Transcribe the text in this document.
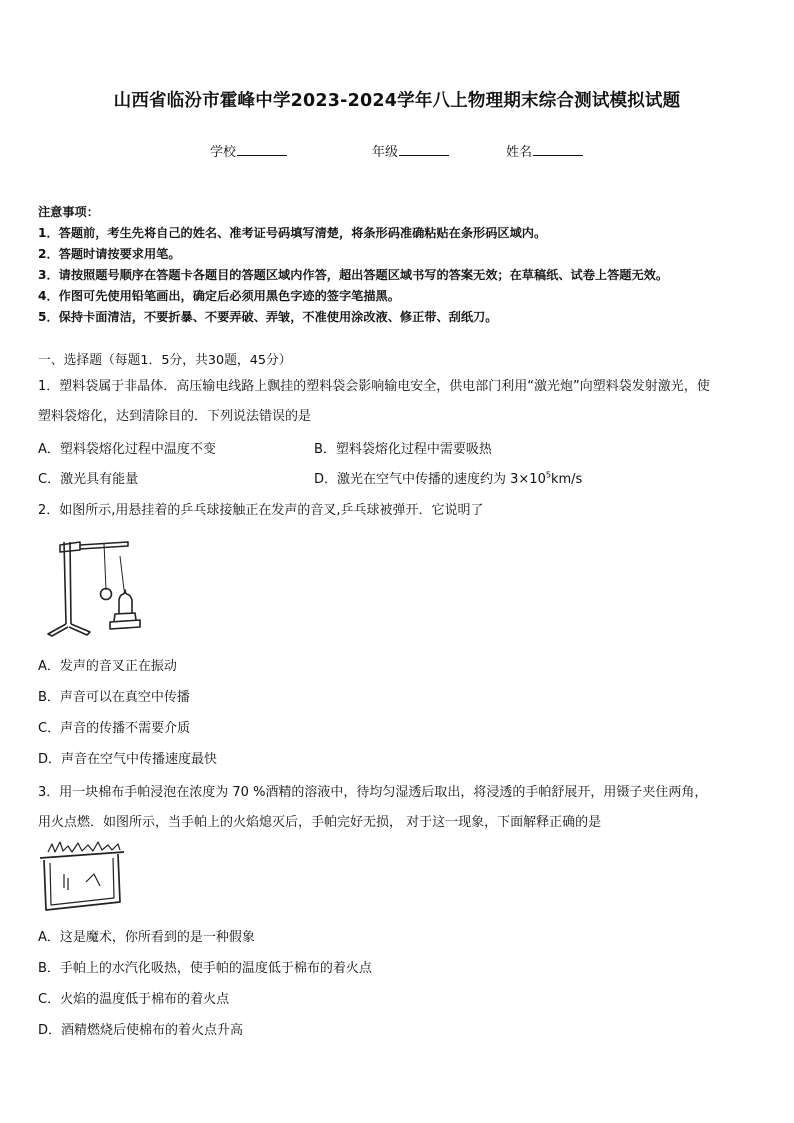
山西省临汾市霍峰中学2023-2024学年八上物理期末综合测试模拟试题
学校	年级	姓名
注意事项：
1．答题前，考生先将自己的姓名、准考证号码填写清楚，将条形码准确粘贴在条形码区域内。
2．答题时请按要求用笔。
3．请按照题号顺序在答题卡各题目的答题区域内作答，超出答题区域书写的答案无效；在草稿纸、试卷上答题无效。
4．作图可先使用铅笔画出，确定后必须用黑色字迹的签字笔描黑。
5．保持卡面清洁，不要折暴、不要弄破、弄皱，不准使用涂改液、修正带、刮纸刀。
一、选择题（每题1．5分，共30题，45分）
1．塑料袋属于非晶体．高压输电线路上飘挂的塑料袋会影响输电安全，供电部门利用“激光炮”向塑料袋发射激光，使
塑料袋熔化，达到清除目的．下列说法错误的是
A．塑料袋熔化过程中温度不变	B．塑料袋熔化过程中需要吸热
C．激光具有能量	D．激光在空气中传播的速度约为 $3\times 10^5km/s$
2．如图所示,用悬挂着的乒乓球接触正在发声的音叉,乒乓球被弹开．它说明了
A．发声的音叉正在振动
B．声音可以在真空中传播
C．声音的传播不需要介质
D．声音在空气中传播速度最快
3．用一块棉布手帕浸泡在浓度为 70 %酒精的溶液中，待均匀湿透后取出，将浸透的手帕舒展开，用镊子夹住两角，
用火点燃．如图所示，当手帕上的火焰熄灭后，手帕完好无损， 对于这一现象，下面解释正确的是
A．这是魔术，你所看到的是一种假象
B．手帕上的水汽化吸热，使手帕的温度低于棉布的着火点
C．火焰的温度低于棉布的着火点
D．酒精燃烧后使棉布的着火点升高
